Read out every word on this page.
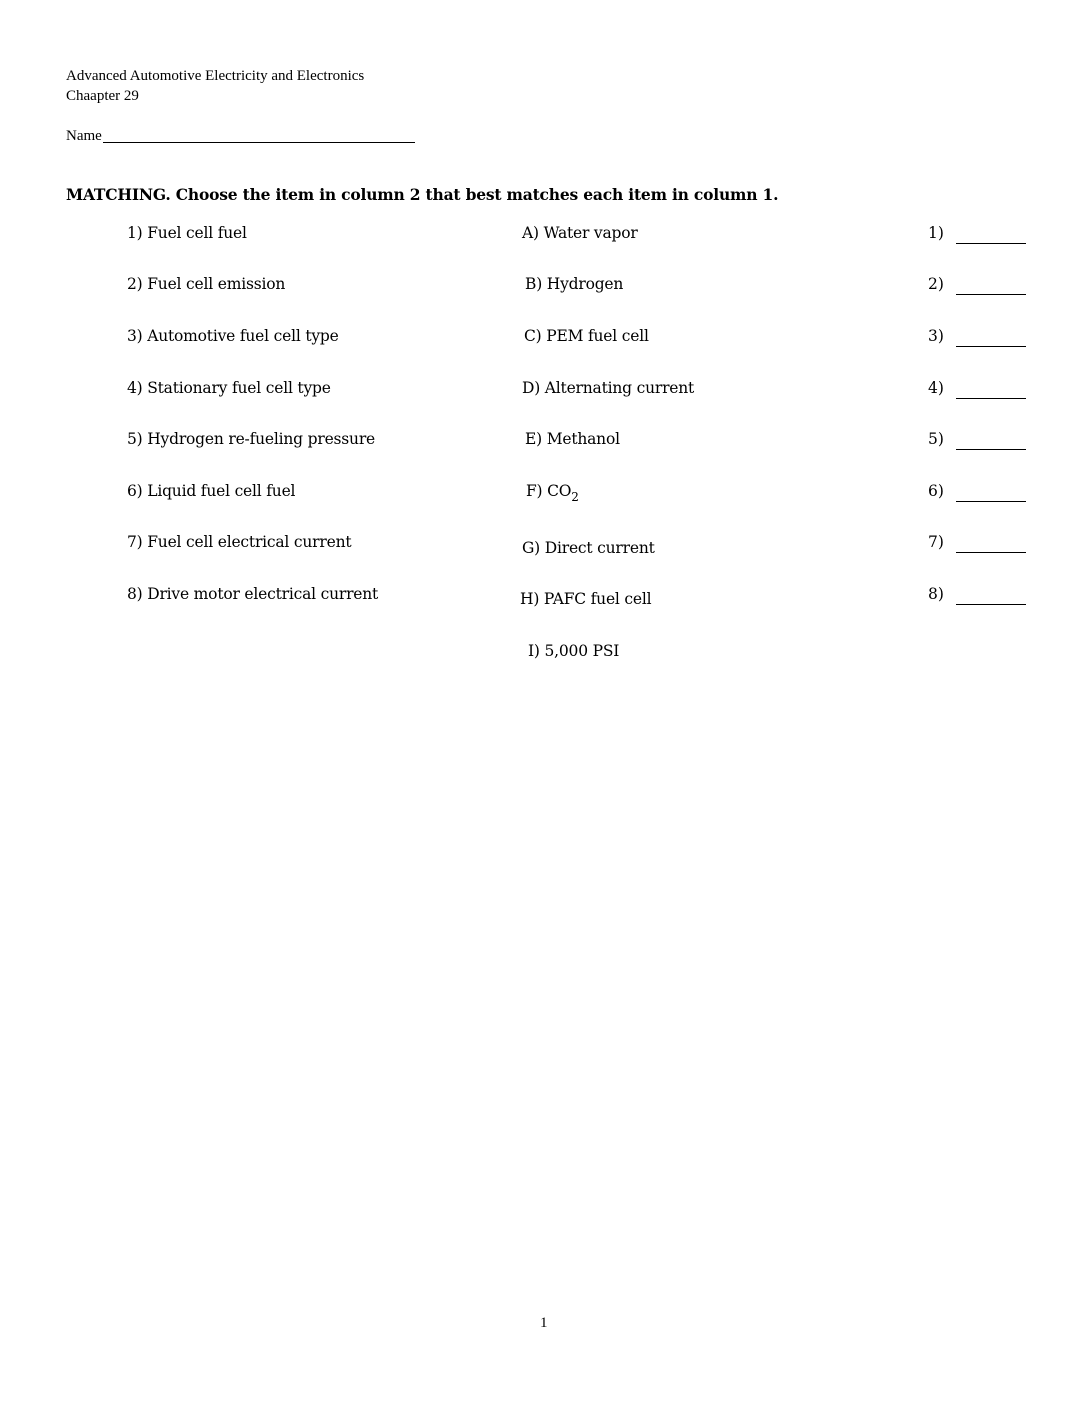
Advanced Automotive Electricity and Electronics
Chaapter 29
Name
MATCHING. Choose the item in column 2 that best matches each item in column 1.
1) Fuel cell fuel
2) Fuel cell emission
3) Automotive fuel cell type
4) Stationary fuel cell type
5) Hydrogen re-fueling pressure
6) Liquid fuel cell fuel
7) Fuel cell electrical current
8) Drive motor electrical current
A) Water vapor
B) Hydrogen
C) PEM fuel cell
D) Alternating current
E) Methanol
F) $CO_2$
G) Direct current
H) PAFC fuel cell
I) 5,000 PSI
1)
2)
3)
4)
5)
6)
7)
8)
1
